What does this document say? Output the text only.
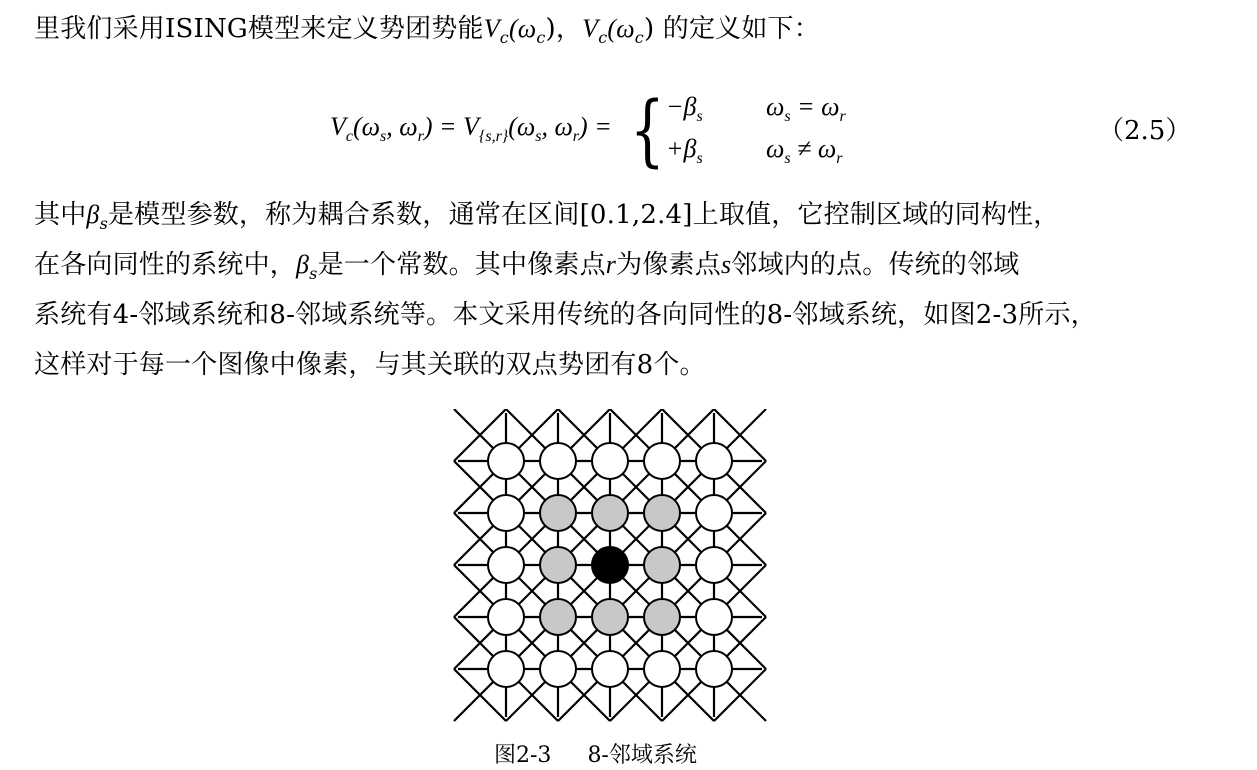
里我们采用ISING模型来定义势团势能$V_c(\omega_c)$，$V_c(\omega_c)$ 的定义如下：
$V_c(\omega_s$, $\omega_r) = V_{\{s,r\}}(\omega_s$, $\omega_r$) = { $-\beta_s$
$+\beta_s$
$\omega_s = \omega_r$
$\omega_s \ne \omega_r$
（2.5）
其中$\beta_s$是模型参数，称为耦合系数，通常在区间[0.1,2.4]上取值，它控制区域的同构性，
在各向同性的系统中，$\beta_s$是一个常数。其中像素点r为像素点s邻域内的点。传统的邻域
系统有4-邻域系统和8-邻域系统等。本文采用传统的各向同性的8-邻域系统，如图2-3所示，
这样对于每一个图像中像素，与其关联的双点势团有8个。
图2-3 8-邻域系统
